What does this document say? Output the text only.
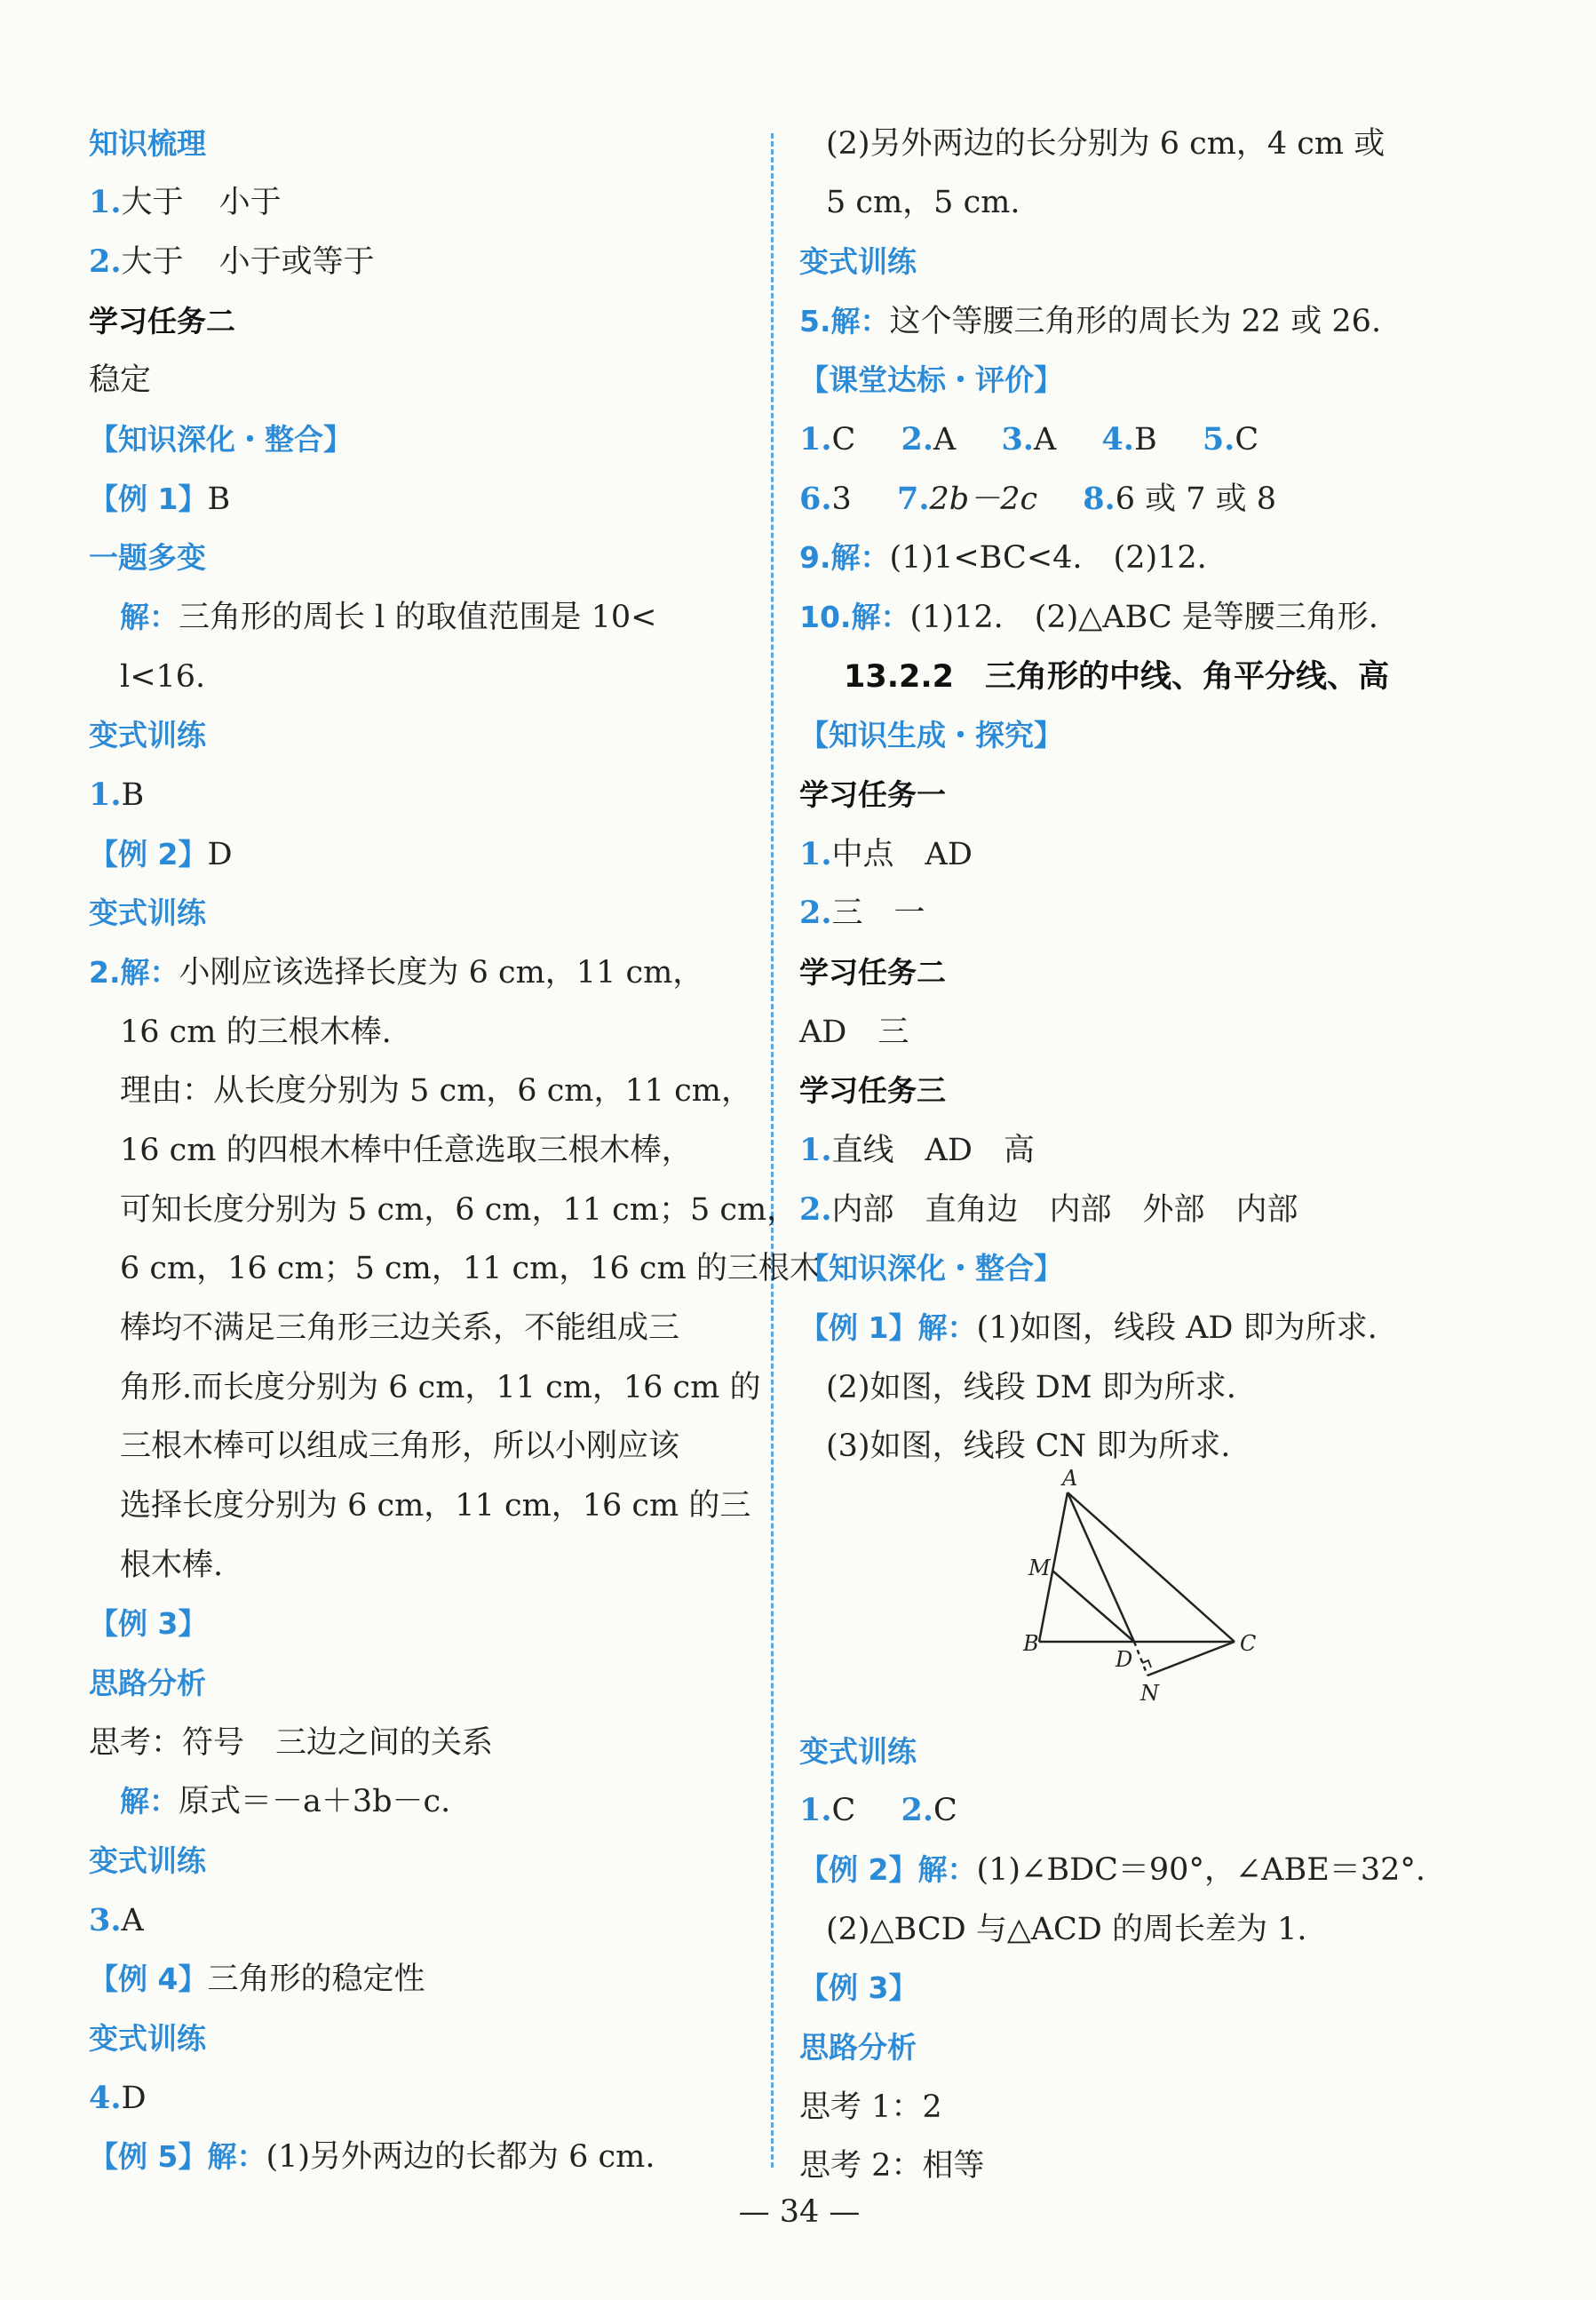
知识梳理
1.大于 小于
2.大于 小于或等于
学习任务二
稳定
【知识深化・整合】
【例 1】B
一题多变
解：三角形的周长 l 的取值范围是 10<
l<16.
变式训练
1.B
【例 2】D
变式训练
2.解：小刚应该选择长度为 6 cm，11 cm，
16 cm 的三根木棒.
理由：从长度分别为 5 cm，6 cm，11 cm，
16 cm 的四根木棒中任意选取三根木棒，
可知长度分别为 5 cm，6 cm，11 cm；5 cm，
6 cm，16 cm；5 cm，11 cm，16 cm 的三根木
棒均不满足三角形三边关系，不能组成三
角形.而长度分别为 6 cm，11 cm，16 cm 的
三根木棒可以组成三角形，所以小刚应该
选择长度分别为 6 cm，11 cm，16 cm 的三
根木棒.
【例 3】
思路分析
思考：符号　三边之间的关系
解：原式＝－a＋3b－c.
变式训练
3.A
【例 4】三角形的稳定性
变式训练
4.D
【例 5】解：(1)另外两边的长都为 6 cm.
(2)另外两边的长分别为 6 cm，4 cm 或
5 cm，5 cm.
变式训练
5.解：这个等腰三角形的周长为 22 或 26.
【课堂达标・评价】
1.C 2.A 3.A 4.B 5.C
6.3 7.2b－2c 8.6 或 7 或 8
9.解：(1)1<BC<4.　(2)12.
10.解：(1)12.　(2)△ABC 是等腰三角形.
13.2.2　三角形的中线、角平分线、高
【知识生成・探究】
学习任务一
1.中点　AD
2.三　一
学习任务二
AD　三
学习任务三
1.直线　AD　高
2.内部　直角边　内部　外部　内部
【知识深化・整合】
【例 1】解：(1)如图，线段 AD 即为所求.
(2)如图，线段 DM 即为所求.
(3)如图，线段 CN 即为所求.
变式训练
1.C 2.C
【例 2】解：(1)∠BDC＝90°，∠ABE＝32°.
(2)△BCD 与△ACD 的周长差为 1.
【例 3】
思路分析
思考 1：2
思考 2：相等
A
M
B
D
C
N
— 34 —
